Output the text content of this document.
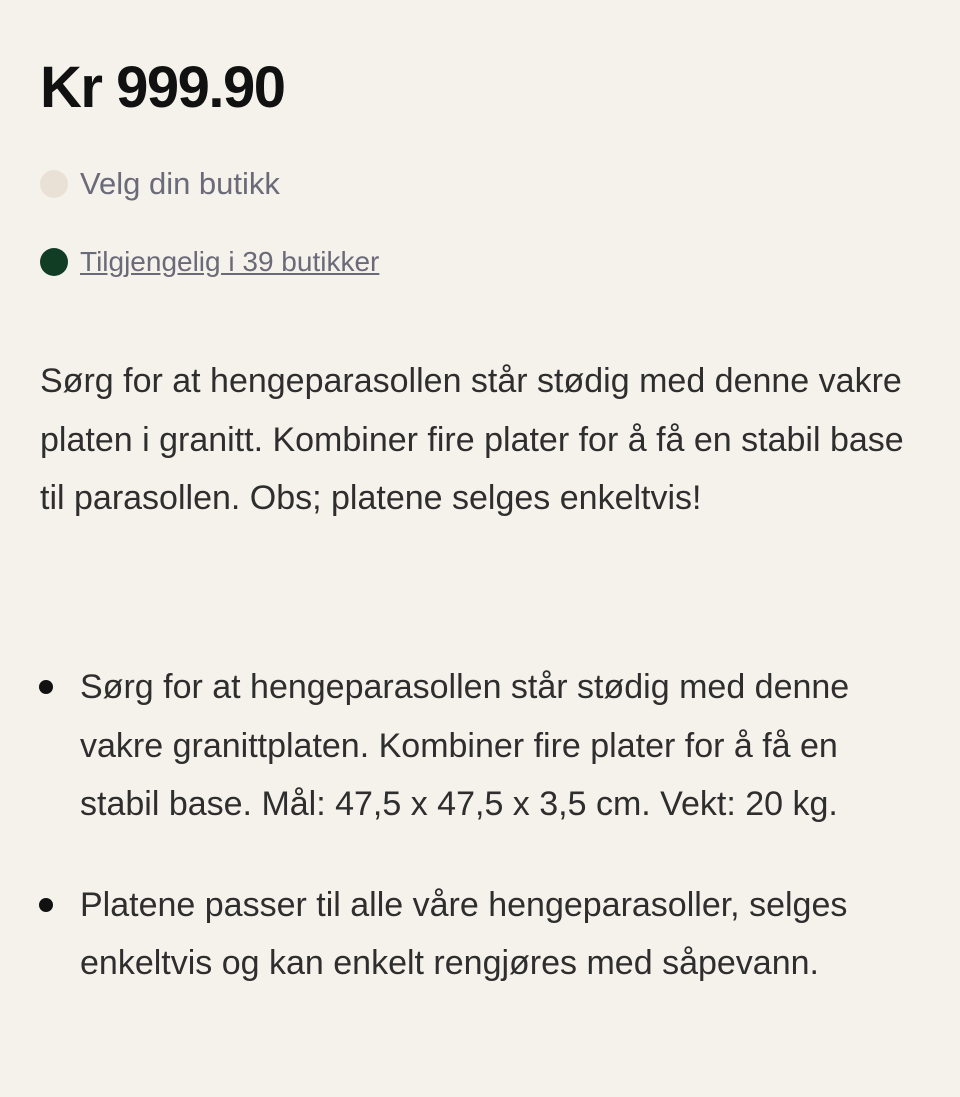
Kr 999.90
Velg din butikk
Tilgjengelig i 39 butikker

Sørg for at hengeparasollen står stødig med denne vakre platen i granitt. Kombiner fire plater for å få en stabil base til parasollen. Obs; platene selges enkeltvis!

Sørg for at hengeparasollen står stødig med denne vakre granittplaten. Kombiner fire plater for å få en stabil base. Mål: 47,5 x 47,5 x 3,5 cm. Vekt: 20 kg.
Platene passer til alle våre hengeparasoller, selges enkeltvis og kan enkelt rengjøres med såpevann.
